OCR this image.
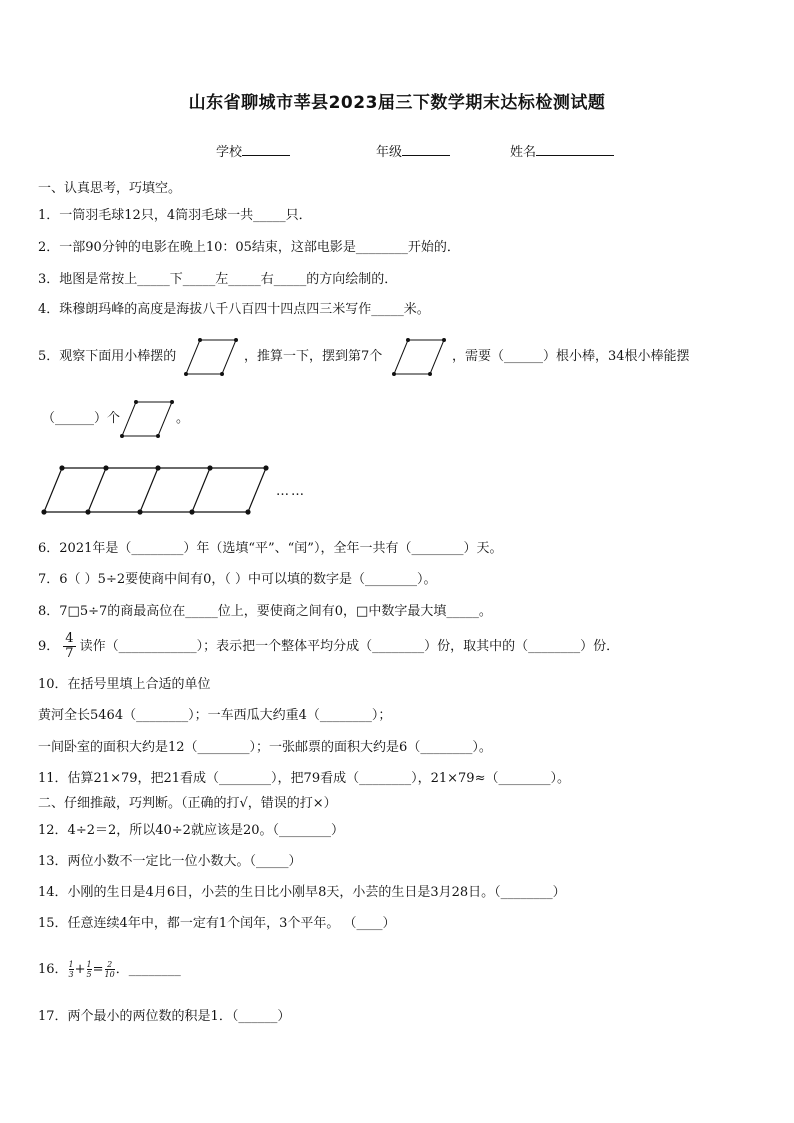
山东省聊城市莘县2023届三下数学期末达标检测试题
学校	年级	姓名
一、认真思考，巧填空。
1．一筒羽毛球12只，4筒羽毛球一共_____只．
2．一部90分钟的电影在晚上10：05结束，这部电影是________开始的．
3．地图是常按上_____下_____左_____右_____的方向绘制的．
4．珠穆朗玛峰的高度是海拔八千八百四十四点四三米写作_____米。
5．观察下面用小棒摆的	，推算一下，摆到第7个	，需要（______）根小棒，34根小棒能摆
（______）个	。
……
6．2021年是（________）年（选填“平”、“闰”），全年一共有（________）天。
7．6（ ）5÷2要使商中间有0，（ ）中可以填的数字是（________）。
8．7□5÷7的商最高位在_____位上，要使商之间有0，□中数字最大填_____。
9． $\frac{4}{7}$ 读作（____________）；表示把一个整体平均分成（________）份，取其中的（________）份．
10．在括号里填上合适的单位
黄河全长5464（________）；一车西瓜大约重4（________）；
一间卧室的面积大约是12（________）；一张邮票的面积大约是6（________）。
11．估算21×79，把21看成（________），把79看成（________），21×79≈（________）。
二、仔细推敲，巧判断。（正确的打√，错误的打×）
12．4÷2＝2，所以40÷2就应该是20。（________）
13．两位小数不一定比一位小数大。（_____）
14．小刚的生日是4月6日，小芸的生日比小刚早8天，小芸的生日是3月28日。（________）
15．任意连续4年中，都一定有1个闰年，3个平年。 （____）
16． $\frac{1}{3} + \frac{1}{5} = \frac{2}{10}$ ．________
17．两个最小的两位数的积是1．（______）
